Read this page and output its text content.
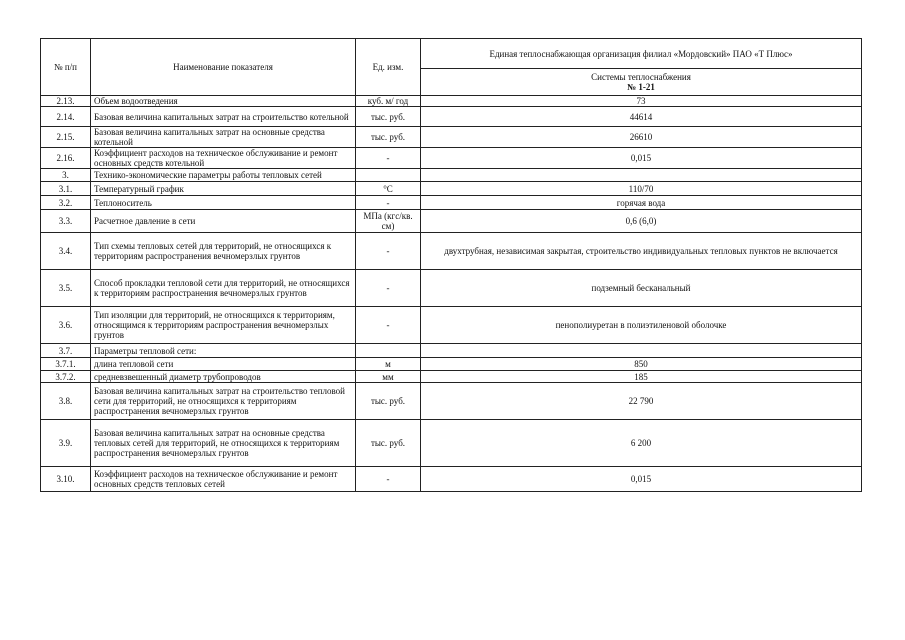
№ п/п	Наименование показателя	Ед. изм.	Единая теплоснабжающая организация филиал «Мордовский» ПАО «Т Плюс»

			Системы теплоснабжения
№ 1-21

2.13.	Объем водоотведения	куб. м/ год	73
2.14.	Базовая величина капитальных затрат на строительство котельной	тыс. руб.	44614
2.15.	Базовая величина капитальных затрат на основные средства котельной	тыс. руб.	26610
2.16.	Коэффициент расходов на техническое обслуживание и ремонт основных средств котельной	-	0,015
3.	Технико-экономические параметры работы тепловых сетей		
3.1.	Температурный график	°С	110/70
3.2.	Теплоноситель	-	горячая вода
3.3.	Расчетное давление в сети	МПа (кгс/кв. см)	0,6 (6,0)
3.4.	Тип схемы тепловых сетей для территорий, не относящихся к территориям распространения вечномерзлых грунтов	-	двухтрубная, независимая закрытая, строительство индивидуальных тепловых пунктов не включается
3.5.	Способ прокладки тепловой сети для территорий, не относящихся к территориям распространения вечномерзлых грунтов	-	подземный бесканальный
3.6.	Тип изоляции для территорий, не относящихся к территориям, относящимся к территориям распространения вечномерзлых грунтов	-	пенополиуретан в полиэтиленовой оболочке
3.7.	Параметры тепловой сети:		
3.7.1.	длина тепловой сети	м	850
3.7.2.	средневзвешенный диаметр трубопроводов	мм	185
3.8.	Базовая величина капитальных затрат на строительство тепловой сети для территорий, не относящихся к территориям распространения вечномерзлых грунтов	тыс. руб.	22 790
3.9.	Базовая величина капитальных затрат на основные средства тепловых сетей для территорий, не относящихся к территориям распространения вечномерзлых грунтов	тыс. руб.	6 200
3.10.	Коэффициент расходов на техническое обслуживание и ремонт основных средств тепловых сетей	-	0,015
